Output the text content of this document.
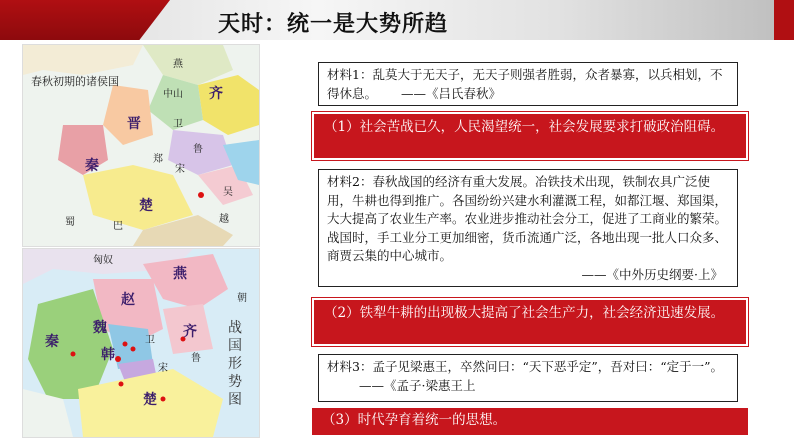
天时：统一是大势所趋
春秋初期的诸侯国
齐
晋
秦
楚
吴
越
燕
鲁
宋
郑
卫
蜀	巴
中山
燕
赵
魏
韩
秦
楚
齐
宋
卫
鲁
匈奴
朝
战国形势图
材料1：乱莫大于无天子，无天子则强者胜弱，众者暴寡，以兵相划，不得休息。 ——《吕氏春秋》
（1）社会苦战已久，人民渴望统一，社会发展要求打破政治阻碍。
材料2：春秋战国的经济有重大发展。冶铁技术出现，铁制农具广泛使用，牛耕也得到推广。各国纷纷兴建水利灌溉工程，如都江堰、郑国渠，大大提高了农业生产率。农业进步推动社会分工，促进了工商业的繁荣。战国时，手工业分工更加细密，货币流通广泛，各地出现一批人口众多、商贾云集的中心城市。
——《中外历史纲要·上》
（2）铁犁牛耕的出现极大提高了社会生产力，社会经济迅速发展。
材料3：孟子见梁惠王，卒然问曰：“天下恶乎定”，吾对曰：“定于一”。——《孟子·梁惠王上
（3）时代孕育着统一的思想。
